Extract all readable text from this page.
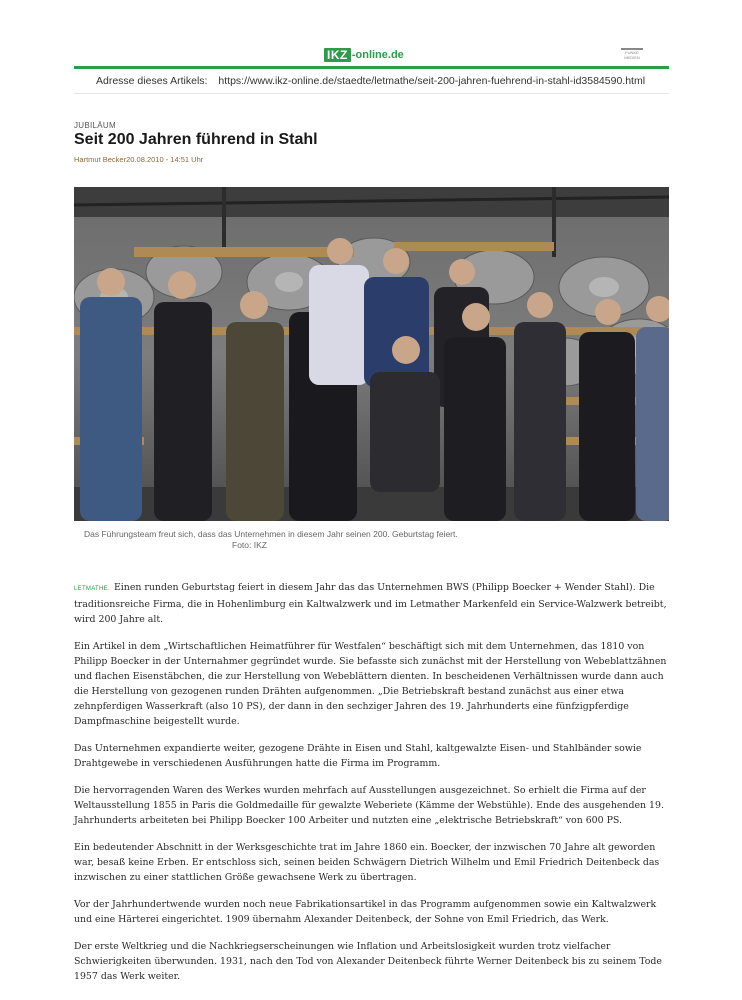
IKZ -online.de	FUNKE MEDIEN
Adresse dieses Artikels: https://www.ikz-online.de/staedte/letmathe/seit-200-jahren-fuehrend-in-stahl-id3584590.html
JUBILÄUM
Seit 200 Jahren führend in Stahl
Hartmut Becker20.08.2010 - 14:51 Uhr
Das Führungsteam freut sich, dass das Unternehmen in diesem Jahr seinen 200. Geburtstag feiert.
Foto: IKZ

LETMATHE. Einen runden Geburtstag feiert in diesem Jahr das das Unternehmen BWS (Philipp Boecker + Wender Stahl). Die traditionsreiche Firma, die in Hohenlimburg ein Kaltwalzwerk und im Letmather Markenfeld ein Service-Walzwerk betreibt, wird 200 Jahre alt.

Ein Artikel in dem „Wirtschaftlichen Heimatführer für Westfalen“ beschäftigt sich mit dem Unternehmen, das 1810 von Philipp Boecker in der Unternahmer gegründet wurde. Sie befasste sich zunächst mit der Herstellung von Webeblattzähnen und flachen Eisenstäbchen, die zur Herstellung von Webeblättern dienten. In bescheidenen Verhältnissen wurde dann auch die Herstellung von gezogenen runden Drähten aufgenommen. „Die Betriebskraft bestand zunächst aus einer etwa zehnpferdigen Wasserkraft (also 10 PS), der dann in den sechziger Jahren des 19. Jahrhunderts eine fünfzigpferdige Dampfmaschine beigestellt wurde.

Das Unternehmen expandierte weiter, gezogene Drähte in Eisen und Stahl, kaltgewalzte Eisen- und Stahlbänder sowie Drahtgewebe in verschiedenen Ausführungen hatte die Firma im Programm.

Die hervorragenden Waren des Werkes wurden mehrfach auf Ausstellungen ausgezeichnet. So erhielt die Firma auf der Weltausstellung 1855 in Paris die Goldmedaille für gewalzte Weberiete (Kämme der Webstühle). Ende des ausgehenden 19. Jahrhunderts arbeiteten bei Philipp Boecker 100 Arbeiter und nutzten eine „elektrische Betriebskraft“ von 600 PS.

Ein bedeutender Abschnitt in der Werksgeschichte trat im Jahre 1860 ein. Boecker, der inzwischen 70 Jahre alt geworden war, besaß keine Erben. Er entschloss sich, seinen beiden Schwägern Dietrich Wilhelm und Emil Friedrich Deitenbeck das inzwischen zu einer stattlichen Größe gewachsene Werk zu übertragen.

Vor der Jahrhundertwende wurden noch neue Fabrikationsartikel in das Programm aufgenommen sowie ein Kaltwalzwerk und eine Härterei eingerichtet. 1909 übernahm Alexander Deitenbeck, der Sohne von Emil Friedrich, das Werk.

Der erste Weltkrieg und die Nachkriegserscheinungen wie Inflation und Arbeitslosigkeit wurden trotz vielfacher Schwierigkeiten überwunden. 1931, nach den Tod von Alexander Deitenbeck führte Werner Deitenbeck bis zu seinem Tode 1957 das Werk weiter.
